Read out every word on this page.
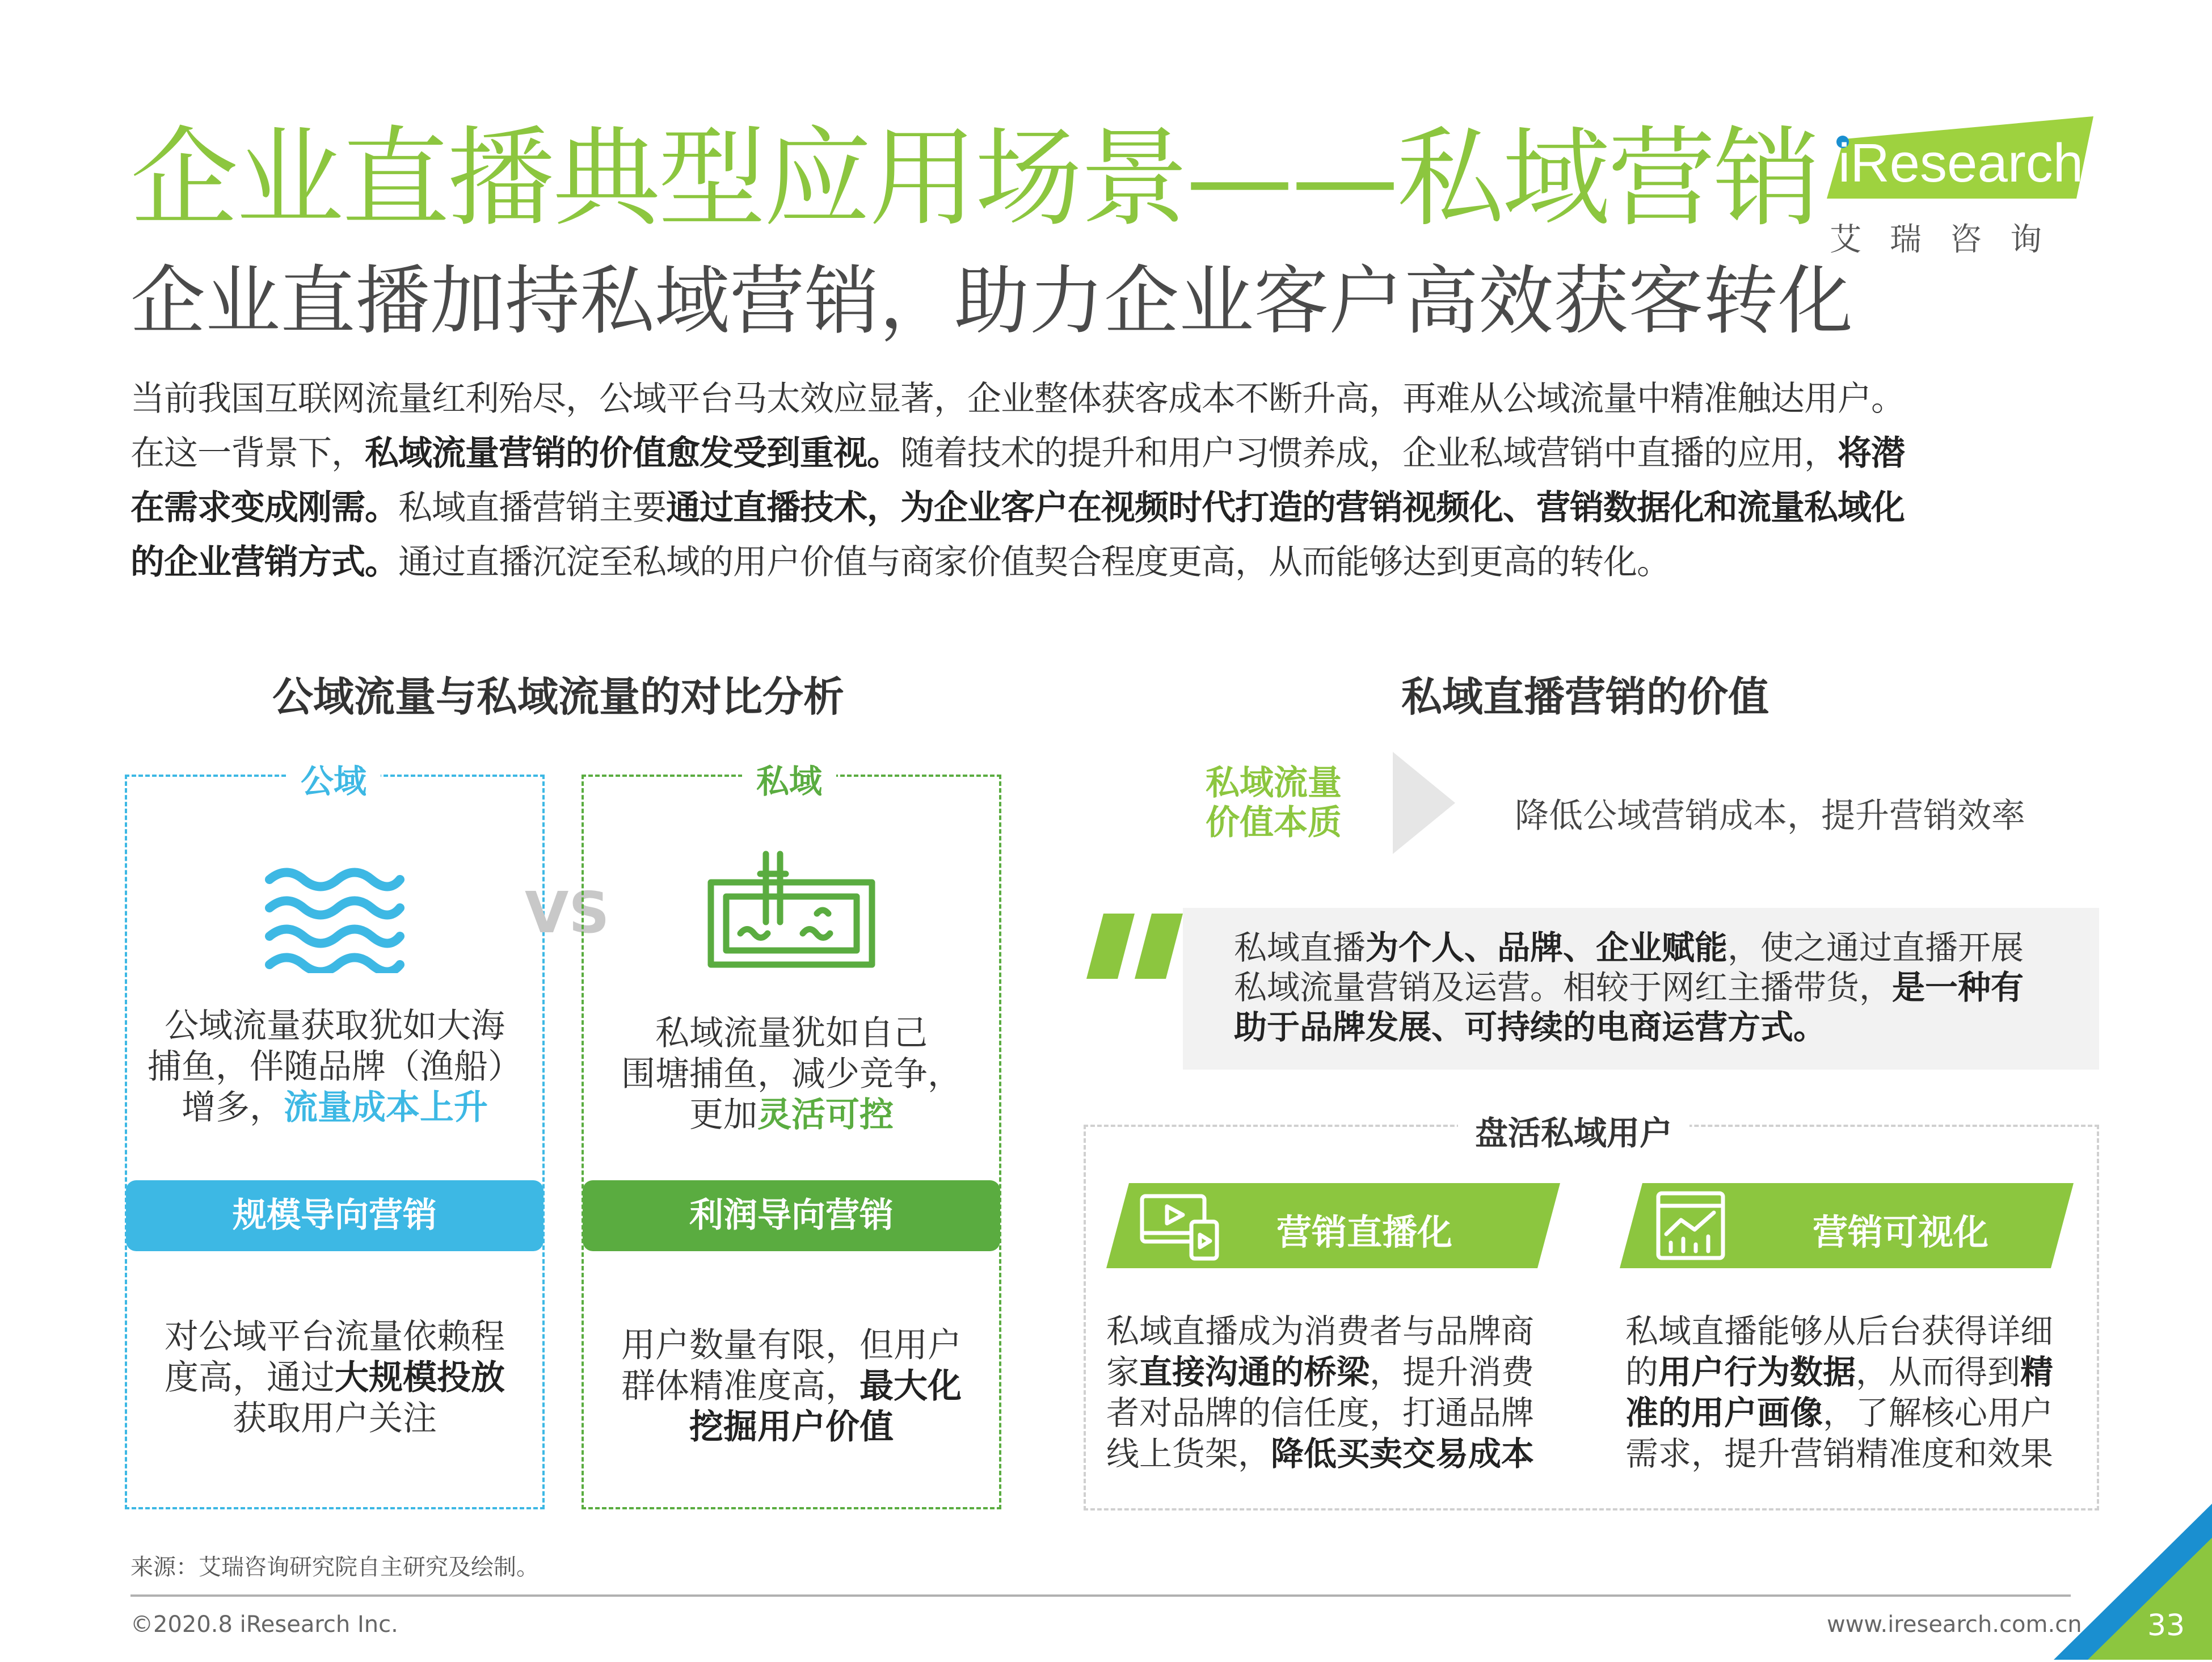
企业直播典型应用场景——私域营销
企业直播加持私域营销，助力企业客户高效获客转化
iResearch
艾瑞咨询

当前我国互联网流量红利殆尽，公域平台马太效应显著，企业整体获客成本不断升高，再难从公域流量中精准触达用户。

在这一背景下，私域流量营销的价值愈发受到重视。随着技术的提升和用户习惯养成，企业私域营销中直播的应用，将潜

在需求变成刚需。私域直播营销主要通过直播技术，为企业客户在视频时代打造的营销视频化、营销数据化和流量私域化

的企业营销方式。通过直播沉淀至私域的用户价值与商家价值契合程度更高，从而能够达到更高的转化。

公域流量与私域流量的对比分析
公域
公域流量获取犹如大海
捕鱼，伴随品牌（渔船）
增多，流量成本上升
规模导向营销
对公域平台流量依赖程
度高，通过大规模投放
获取用户关注
VS
私域
私域流量犹如自己
围塘捕鱼，减少竞争，
更加灵活可控
利润导向营销
用户数量有限，但用户
群体精准度高，最大化
挖掘用户价值
私域直播营销的价值
私域流量
价值本质	降低公域营销成本，提升营销效率
私域直播为个人、品牌、企业赋能，使之通过直播开展
私域流量营销及运营。相较于网红主播带货，是一种有
助于品牌发展、可持续的电商运营方式。
盘活私域用户
营销直播化
私域直播成为消费者与品牌商
家直接沟通的桥梁，提升消费
者对品牌的信任度，打通品牌
线上货架，降低买卖交易成本
营销可视化
私域直播能够从后台获得详细
的用户行为数据，从而得到精
准的用户画像，了解核心用户
需求，提升营销精准度和效果
来源：艾瑞咨询研究院自主研究及绘制。
©2020.8 iResearch Inc.	www.iresearch.com.cn 33
